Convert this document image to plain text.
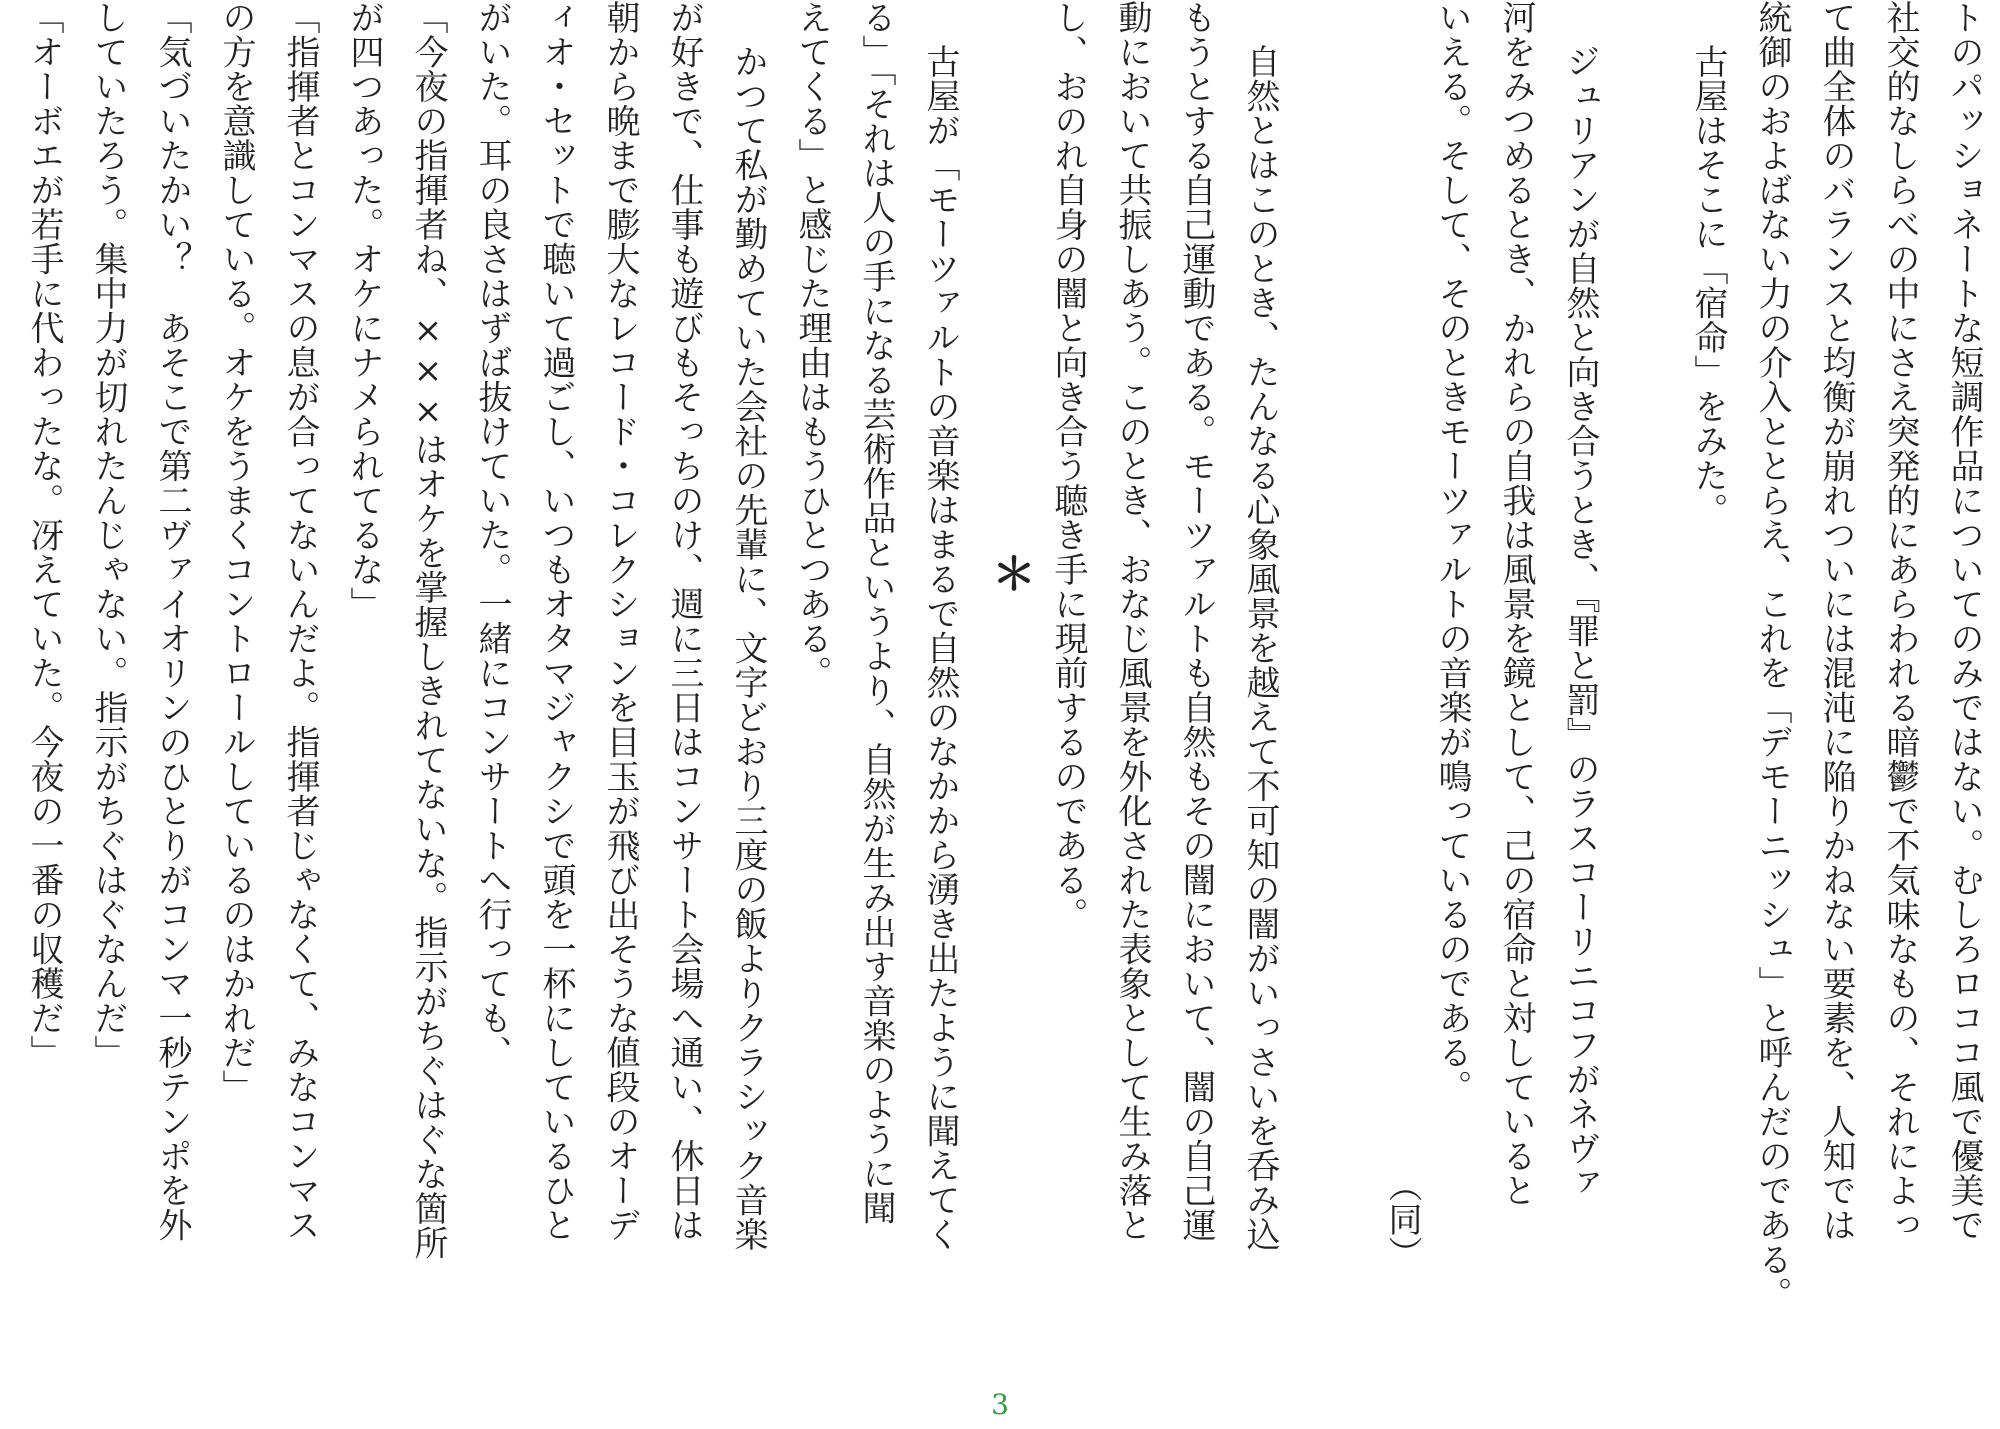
トのパッショネートな短調作品についてのみではない。むしろロココ風で優美で

社交的なしらべの中にさえ突発的にあらわれる暗鬱で不気味なもの、それによっ

て曲全体のバランスと均衡が崩れついには混沌に陥りかねない要素を、人知では

統御のおよばない力の介入ととらえ、これを「デモーニッシュ」と呼んだのである。

古屋はそこに「宿命」をみた。

ジュリアンが自然と向き合うとき、『罪と罰』のラスコーリニコフがネヴァ

河をみつめるとき、かれらの自我は風景を鏡として、己の宿命と対していると

いえる。そして、そのときモーツァルトの音楽が鳴っているのである。

（同）

自然とはこのとき、たんなる心象風景を越えて不可知の闇がいっさいを呑み込

もうとする自己運動である。モーツァルトも自然もその闇において、闇の自己運

動において共振しあう。このとき、おなじ風景を外化された表象として生み落と

し、おのれ自身の闇と向き合う聴き手に現前するのである。

＊

古屋が「モーツァルトの音楽はまるで自然のなかから湧き出たように聞えてく

る」「それは人の手になる芸術作品というより、自然が生み出す音楽のように聞

えてくる」と感じた理由はもうひとつある。

かつて私が勤めていた会社の先輩に、文字どおり三度の飯よりクラシック音楽

が好きで、仕事も遊びもそっちのけ、週に三日はコンサート会場へ通い、休日は

朝から晩まで膨大なレコード・コレクションを目玉が飛び出そうな値段のオーデ

ィオ・セットで聴いて過ごし、いつもオタマジャクシで頭を一杯にしているひと

がいた。耳の良さはずば抜けていた。一緒にコンサートへ行っても、

「今夜の指揮者ね、×××はオケを掌握しきれてないな。指示がちぐはぐな箇所

が四つあった。オケにナメられてるな」

「指揮者とコンマスの息が合ってないんだよ。指揮者じゃなくて、みなコンマス

の方を意識している。オケをうまくコントロールしているのはかれだ」

「気づいたかい？　あそこで第二ヴァイオリンのひとりがコンマ一秒テンポを外

していたろう。集中力が切れたんじゃない。指示がちぐはぐなんだ」

「オーボエが若手に代わったな。冴えていた。今夜の一番の収穫だ」

3
